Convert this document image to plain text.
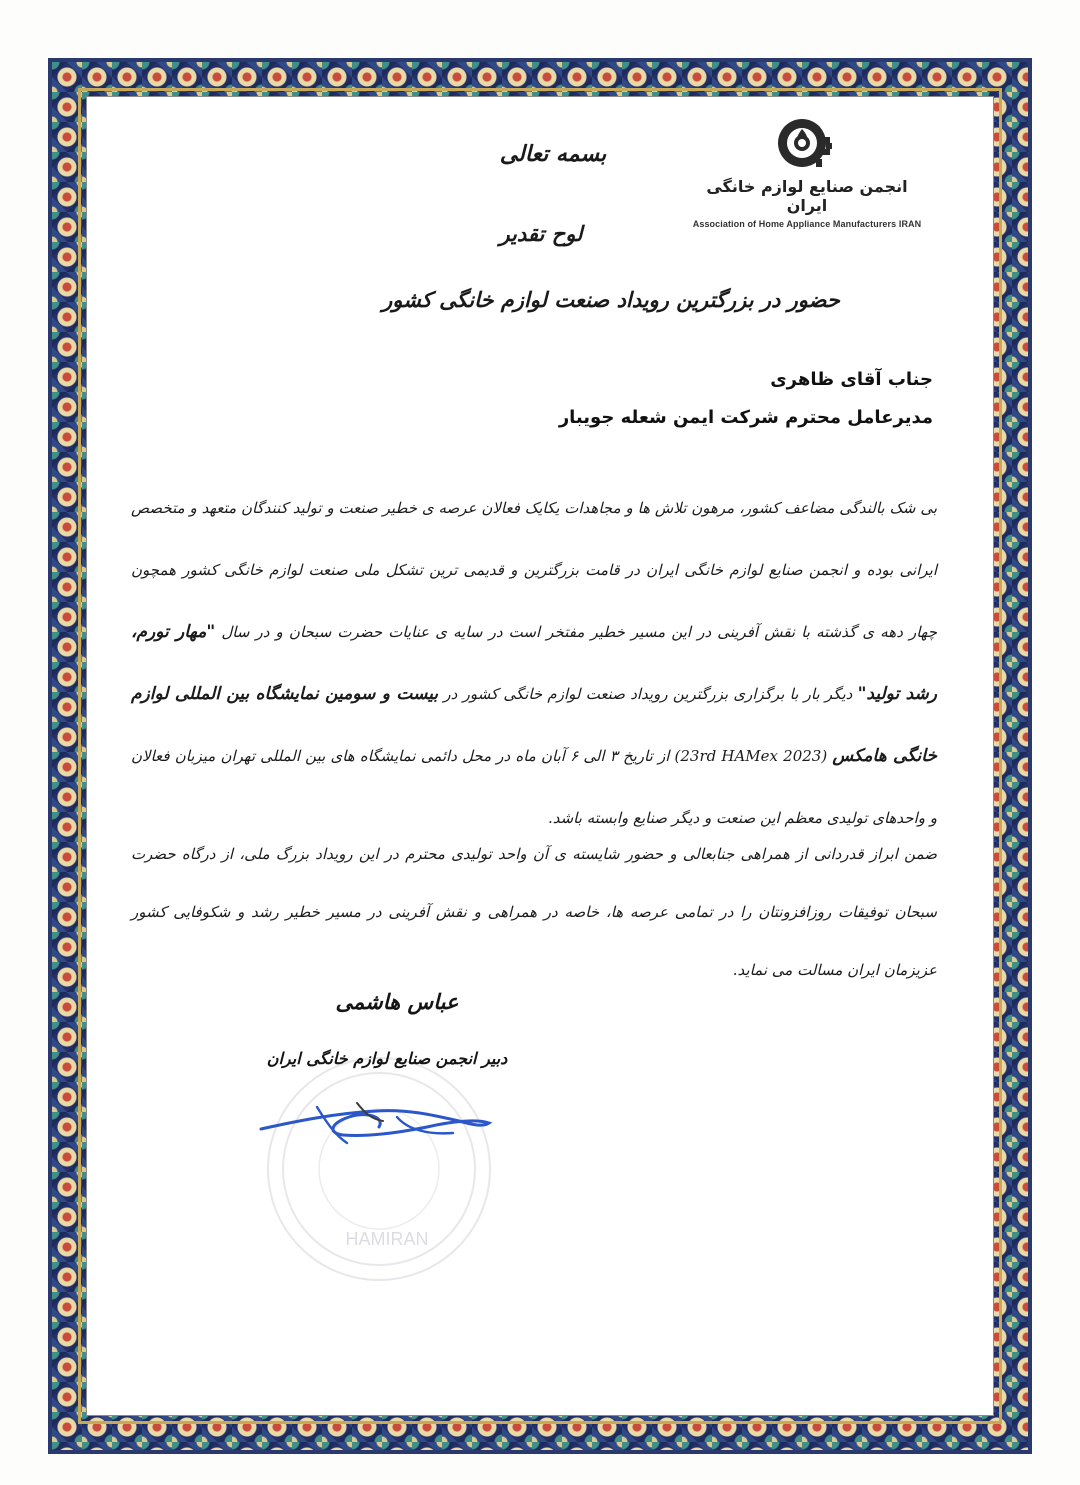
انجمن صنایع لوازم خانگی ایران
Association of Home Appliance Manufacturers IRAN
بسمه تعالی
لوح تقدیر
حضور در بزرگترین رویداد صنعت لوازم خانگی کشور
جناب آقای ظاهری
مدیرعامل محترم شرکت ایمن شعله جویبار
بی شک بالندگی مضاعف کشور، مرهون تلاش ها و مجاهدات یکایک فعالان عرصه ی خطیر صنعت و تولید کنندگان متعهد و متخصص ایرانی بوده و انجمن صنایع لوازم خانگی ایران در قامت بزرگترین و قدیمی ترین تشکل ملی صنعت لوازم خانگی کشور همچون چهار دهه ی گذشته با نقش آفرینی در این مسیر خطیر مفتخر است در سایه ی عنایات حضرت سبحان و در سال "مهار تورم، رشد تولید" دیگر بار با برگزاری بزرگترین رویداد صنعت لوازم خانگی کشور در بیست و سومین نمایشگاه بین المللی لوازم خانگی هامکس (23rd HAMex 2023) از تاریخ ۳ الی ۶ آبان ماه در محل دائمی نمایشگاه های بین المللی تهران میزبان فعالان و واحدهای تولیدی معظم این صنعت و دیگر صنایع وابسته باشد.
ضمن ابراز قدردانی از همراهی جنابعالی و حضور شایسته ی آن واحد تولیدی محترم در این رویداد بزرگ ملی، از درگاه حضرت سبحان توفیقات روزافزونتان را در تمامی عرصه ها، خاصه در همراهی و نقش آفرینی در مسیر خطیر رشد و شکوفایی کشور عزیزمان ایران مسالت می نماید.
HAMIRAN
عباس هاشمی
دبیر انجمن صنایع لوازم خانگی ایران
